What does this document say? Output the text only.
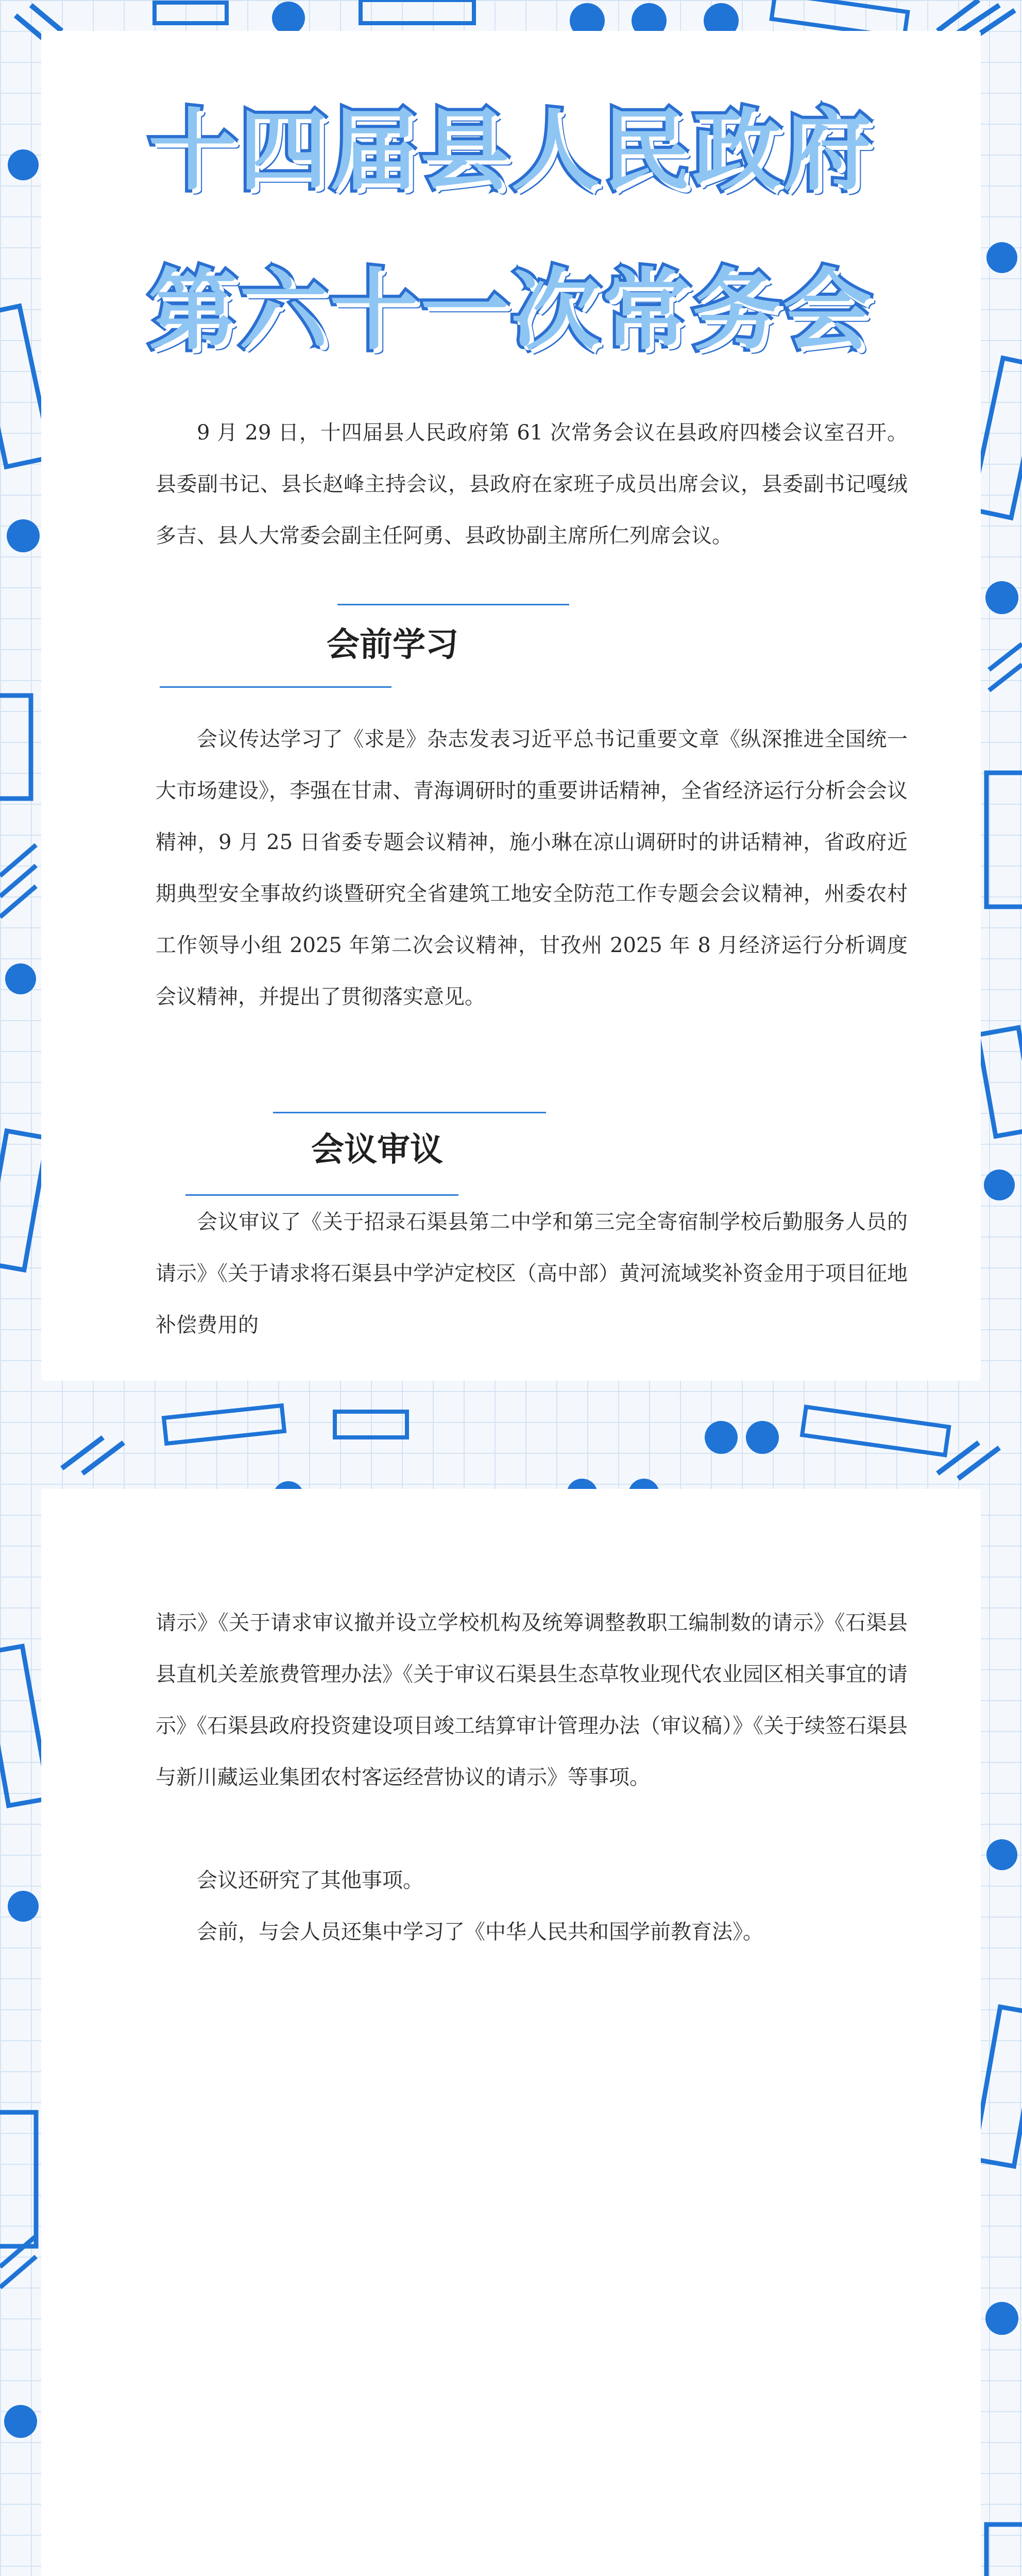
十四届县人民政府
第六十一次常务会

9 月 29 日，十四届县人民政府第 61 次常务会议在县政府四楼会议室召开。县委副书记、县长赵峰主持会议，县政府在家班子成员出席会议，县委副书记嘎绒多吉、县人大常委会副主任阿勇、县政协副主席所仁列席会议。

会前学习

会议传达学习了《求是》杂志发表习近平总书记重要文章《纵深推进全国统一大市场建设》，李强在甘肃、青海调研时的重要讲话精神，全省经济运行分析会会议精神，9 月 25 日省委专题会议精神，施小琳在凉山调研时的讲话精神，省政府近期典型安全事故约谈暨研究全省建筑工地安全防范工作专题会会议精神，州委农村工作领导小组 2025 年第二次会议精神，甘孜州 2025 年 8 月经济运行分析调度会议精神，并提出了贯彻落实意见。

会议审议

会议审议了《关于招录石渠县第二中学和第三完全寄宿制学校后勤服务人员的请示》《关于请求将石渠县中学泸定校区（高中部）黄河流域奖补资金用于项目征地补偿费用的

请示》《关于请求审议撤并设立学校机构及统筹调整教职工编制数的请示》《石渠县县直机关差旅费管理办法》《关于审议石渠县生态草牧业现代农业园区相关事宜的请示》《石渠县政府投资建设项目竣工结算审计管理办法（审议稿）》《关于续签石渠县与新川藏运业集团农村客运经营协议的请示》等事项。

会议还研究了其他事项。

会前，与会人员还集中学习了《中华人民共和国学前教育法》。
